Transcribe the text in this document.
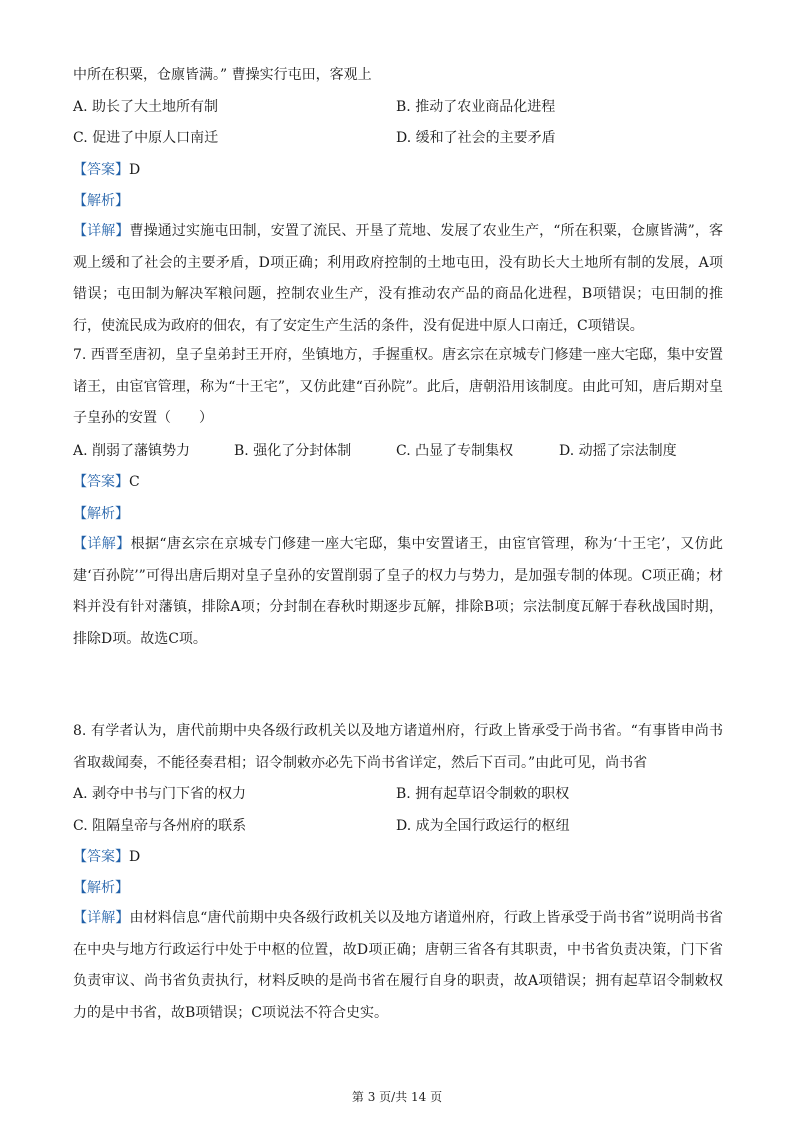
中所在积粟，仓廪皆满。” 曹操实行屯田，客观上
A. 助长了大土地所有制	B. 推动了农业商品化进程
C. 促进了中原人口南迁	D. 缓和了社会的主要矛盾
【答案】D
【解析】
【详解】曹操通过实施屯田制，安置了流民、开垦了荒地、发展了农业生产，“所在积粟，仓廪皆满”，客观上缓和了社会的主要矛盾，D项正确；利用政府控制的土地屯田，没有助长大土地所有制的发展，A项错误；屯田制为解决军粮问题，控制农业生产，没有推动农产品的商品化进程，B项错误；屯田制的推行，使流民成为政府的佃农，有了安定生产生活的条件，没有促进中原人口南迁，C项错误。
7. 西晋至唐初，皇子皇弟封王开府，坐镇地方，手握重权。唐玄宗在京城专门修建一座大宅邸，集中安置诸王，由宦官管理，称为“十王宅”，又仿此建“百孙院”。此后，唐朝沿用该制度。由此可知，唐后期对皇子皇孙的安置（　　）
A. 削弱了藩镇势力	B. 强化了分封体制	C. 凸显了专制集权	D. 动摇了宗法制度
【答案】C
【解析】
【详解】根据“唐玄宗在京城专门修建一座大宅邸，集中安置诸王，由宦官管理，称为‘十王宅’，又仿此建‘百孙院’”可得出唐后期对皇子皇孙的安置削弱了皇子的权力与势力，是加强专制的体现。C项正确；材料并没有针对藩镇，排除A项；分封制在春秋时期逐步瓦解，排除B项；宗法制度瓦解于春秋战国时期，排除D项。故选C项。
8. 有学者认为，唐代前期中央各级行政机关以及地方诸道州府，行政上皆承受于尚书省。“有事皆申尚书省取裁闻奏，不能径奏君相；诏令制敕亦必先下尚书省详定，然后下百司。”由此可见，尚书省
A. 剥夺中书与门下省的权力	B. 拥有起草诏令制敕的职权
C. 阻隔皇帝与各州府的联系	D. 成为全国行政运行的枢纽
【答案】D
【解析】
【详解】由材料信息“唐代前期中央各级行政机关以及地方诸道州府，行政上皆承受于尚书省”说明尚书省在中央与地方行政运行中处于中枢的位置，故D项正确；唐朝三省各有其职责，中书省负责决策，门下省负责审议、尚书省负责执行，材料反映的是尚书省在履行自身的职责，故A项错误；拥有起草诏令制敕权力的是中书省，故B项错误；C项说法不符合史实。
第 3 页/共 14 页
